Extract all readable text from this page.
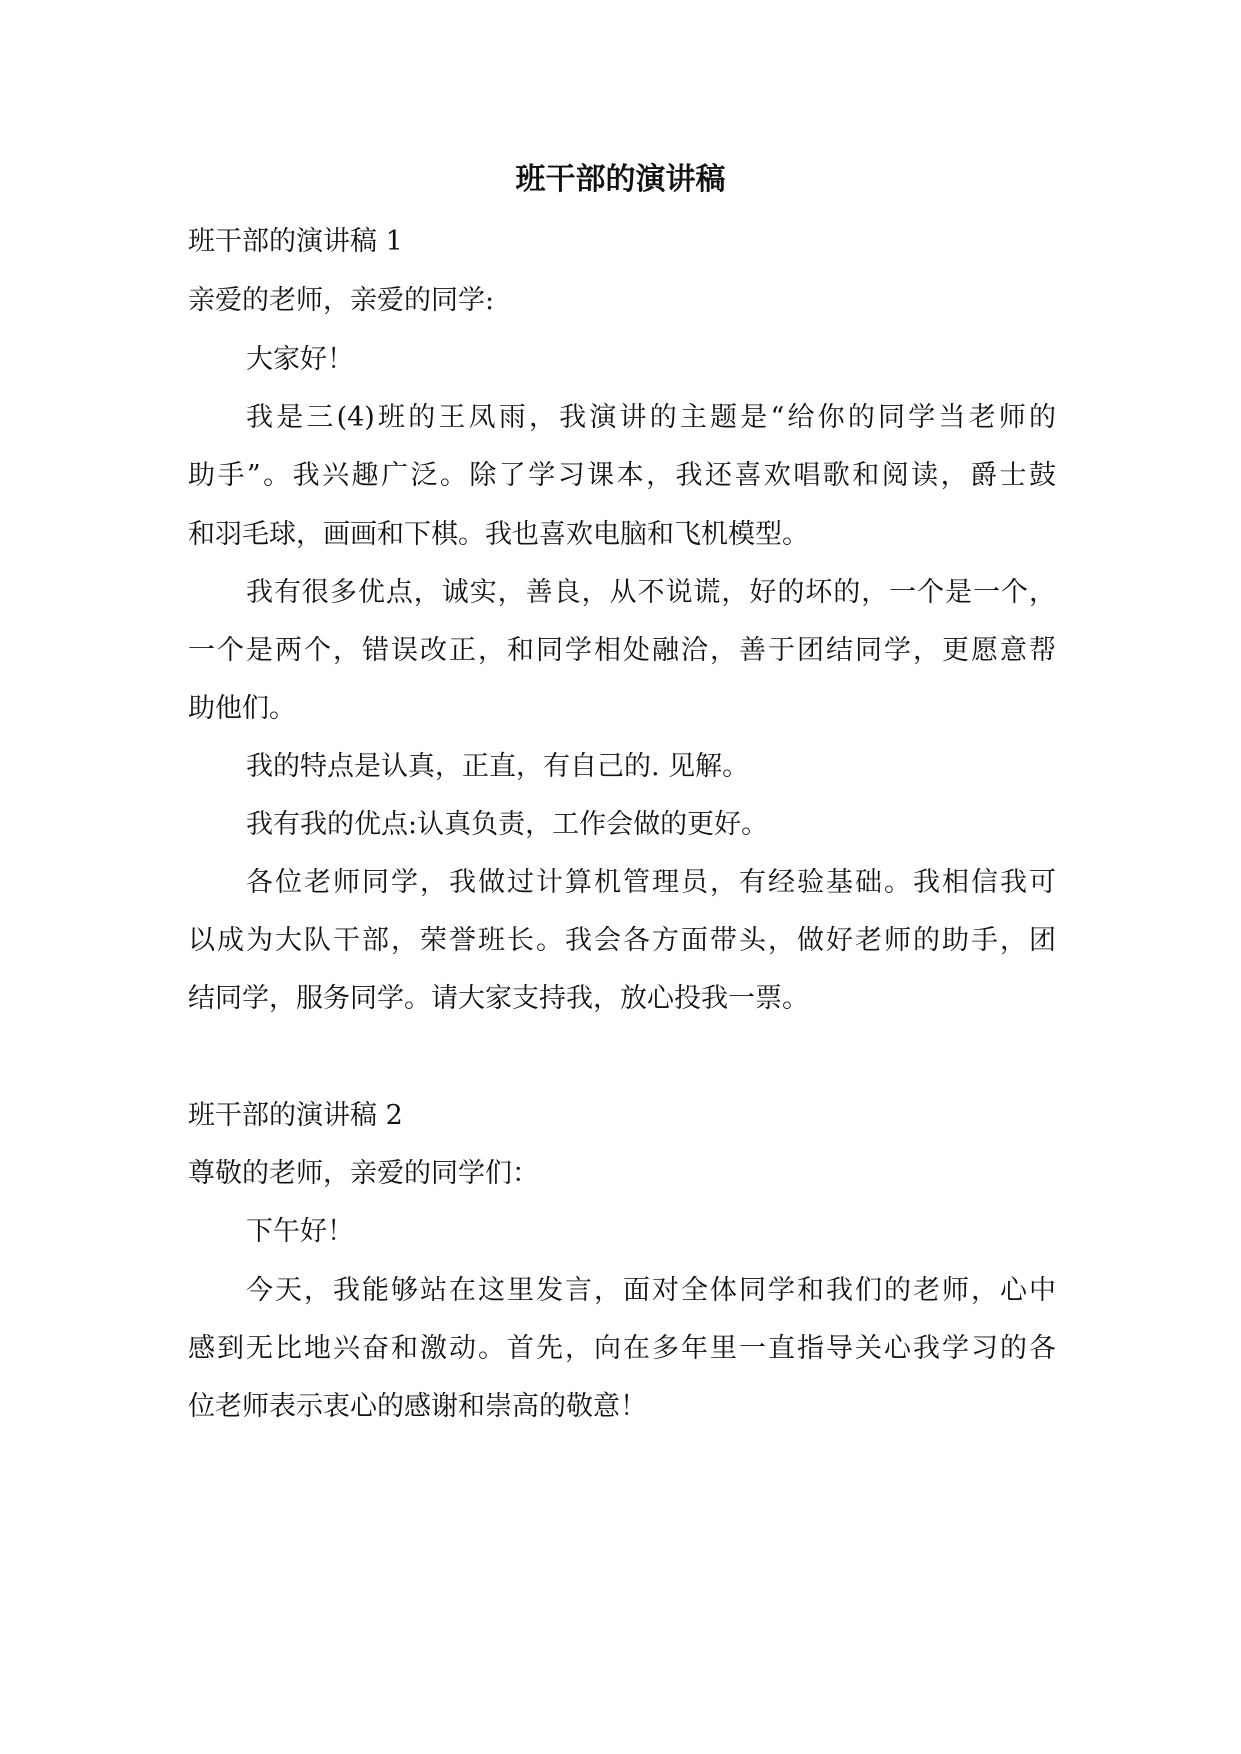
班干部的演讲稿
班干部的演讲稿 1
亲爱的老师，亲爱的同学:
大家好！
我是三(4)班的王凤雨，我演讲的主题是“给你的同学当老师的
助手”。我兴趣广泛。除了学习课本，我还喜欢唱歌和阅读，爵士鼓
和羽毛球，画画和下棋。我也喜欢电脑和飞机模型。
我有很多优点，诚实，善良，从不说谎，好的坏的，一个是一个，
一个是两个，错误改正，和同学相处融洽，善于团结同学，更愿意帮
助他们。
我的特点是认真，正直，有自己的. 见解。
我有我的优点:认真负责，工作会做的更好。
各位老师同学，我做过计算机管理员，有经验基础。我相信我可
以成为大队干部，荣誉班长。我会各方面带头，做好老师的助手，团
结同学，服务同学。请大家支持我，放心投我一票。
班干部的演讲稿 2
尊敬的老师，亲爱的同学们：
下午好！
今天，我能够站在这里发言，面对全体同学和我们的老师，心中
感到无比地兴奋和激动。首先，向在多年里一直指导关心我学习的各
位老师表示衷心的感谢和崇高的敬意！
